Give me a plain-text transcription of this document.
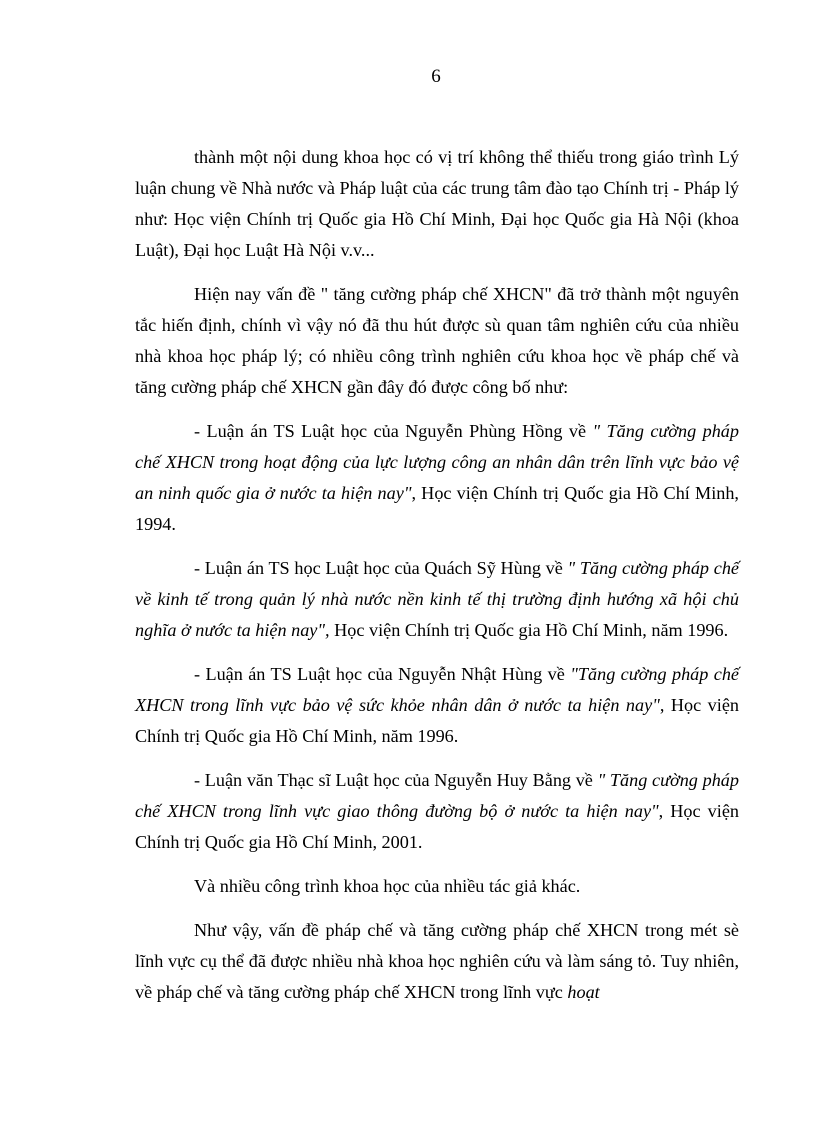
6

thành một nội dung khoa học có vị trí không thể thiếu trong giáo trình Lý luận chung về Nhà nước và Pháp luật của các trung tâm đào tạo Chính trị - Pháp lý như: Học viện Chính trị Quốc gia Hồ Chí Minh, Đại học Quốc gia Hà Nội (khoa Luật), Đại học Luật Hà Nội v.v...

Hiện nay vấn đề " tăng cường pháp chế XHCN" đã trở thành một nguyên tắc hiến định, chính vì vậy nó đã thu hút được sù quan tâm nghiên cứu của nhiều nhà khoa học pháp lý; có nhiều công trình nghiên cứu khoa học về pháp chế và tăng cường pháp chế XHCN gần đây đó được công bố như:

- Luận án TS Luật học của Nguyễn Phùng Hồng về " Tăng cường pháp chế XHCN trong hoạt động của lực lượng công an nhân dân trên lĩnh vực bảo vệ an ninh quốc gia ở nước ta hiện nay", Học viện Chính trị Quốc gia Hồ Chí Minh, 1994.

- Luận án TS học Luật học của Quách Sỹ Hùng về " Tăng cường pháp chế về kinh tế trong quản lý nhà nước nền kinh tế thị trường định hướng xã hội chủ nghĩa ở nước ta hiện nay", Học viện Chính trị Quốc gia Hồ Chí Minh, năm 1996.

- Luận án TS Luật học của Nguyễn Nhật Hùng về "Tăng cường pháp chế XHCN trong lĩnh vực bảo vệ sức khỏe nhân dân ở nước ta hiện nay", Học viện Chính trị Quốc gia Hồ Chí Minh, năm 1996.

- Luận văn Thạc sĩ Luật học của Nguyễn Huy Bằng về " Tăng cường pháp chế XHCN trong lĩnh vực giao thông đường bộ ở nước ta hiện nay", Học viện Chính trị Quốc gia Hồ Chí Minh, 2001.

Và nhiều công trình khoa học của nhiều tác giả khác.

Như vậy, vấn đề pháp chế và tăng cường pháp chế XHCN trong mét sè lĩnh vực cụ thể đã được nhiều nhà khoa học nghiên cứu và làm sáng tỏ. Tuy nhiên, về pháp chế và tăng cường pháp chế XHCN trong lĩnh vực hoạt
